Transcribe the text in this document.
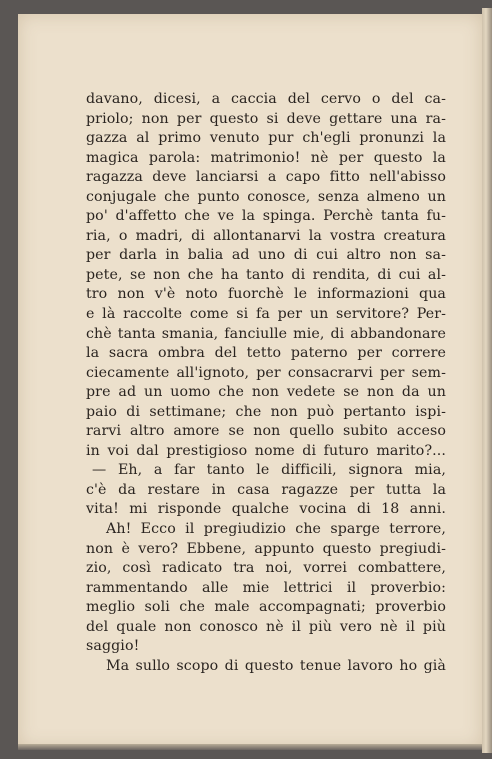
davano, dicesi, a caccia del cervo o del ca-
priolo; non per questo si deve gettare una ra-
gazza al primo venuto pur ch'egli pronunzi la
magica parola: matrimonio! nè per questo la
ragazza deve lanciarsi a capo fitto nell'abisso
conjugale che punto conosce, senza almeno un
po' d'affetto che ve la spinga. Perchè tanta fu-
ria, o madri, di allontanarvi la vostra creatura
per darla in balia ad uno di cui altro non sa-
pete, se non che ha tanto di rendita, di cui al-
tro non v'è noto fuorchè le informazioni qua
e là raccolte come si fa per un servitore? Per-
chè tanta smania, fanciulle mie, di abbandonare
la sacra ombra del tetto paterno per correre
ciecamente all'ignoto, per consacrarvi per sem-
pre ad un uomo che non vedete se non da un
paio di settimane; che non può pertanto ispi-
rarvi altro amore se non quello subito acceso
in voi dal prestigioso nome di futuro marito?...
— Eh, a far tanto le difficili, signora mia,
c'è da restare in casa ragazze per tutta la
vita! mi risponde qualche vocina di 18 anni.
Ah! Ecco il pregiudizio che sparge terrore,
non è vero? Ebbene, appunto questo pregiudi-
zio, così radicato tra noi, vorrei combattere,
rammentando alle mie lettrici il proverbio:
meglio soli che male accompagnati; proverbio
del quale non conosco nè il più vero nè il più
saggio!
Ma sullo scopo di questo tenue lavoro ho già
